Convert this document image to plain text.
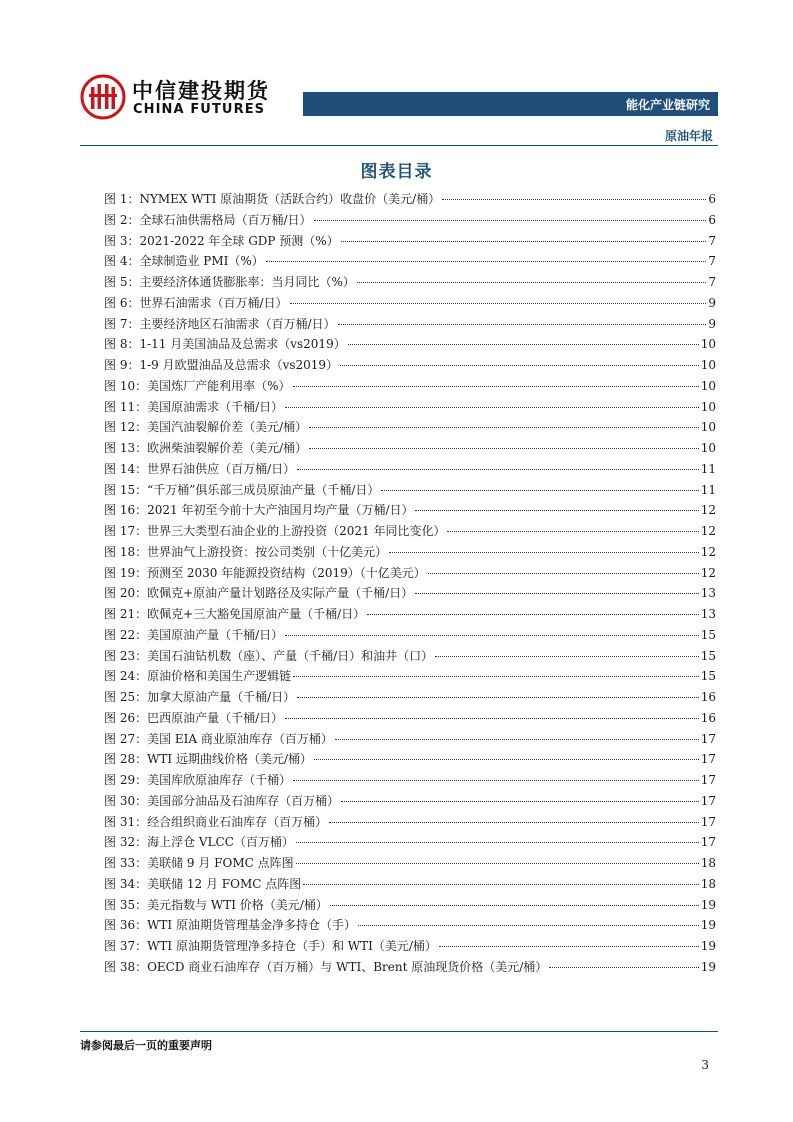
中信建投期货
CHINA FUTURES	能化产业链研究
原油年报
图表目录
图 1：NYMEX WTI 原油期货（活跃合约）收盘价（美元/桶）	6
图 2：全球石油供需格局（百万桶/日）	6
图 3：2021-2022 年全球 GDP 预测（%）	7
图 4：全球制造业 PMI（%）	7
图 5：主要经济体通货膨胀率：当月同比（%）	7
图 6：世界石油需求（百万桶/日）	9
图 7：主要经济地区石油需求（百万桶/日）	9
图 8：1-11 月美国油品及总需求（vs2019）	10
图 9：1-9 月欧盟油品及总需求（vs2019）	10
图 10：美国炼厂产能利用率（%）	10
图 11：美国原油需求（千桶/日）	10
图 12：美国汽油裂解价差（美元/桶）	10
图 13：欧洲柴油裂解价差（美元/桶）	10
图 14：世界石油供应（百万桶/日）	11
图 15：“千万桶”俱乐部三成员原油产量（千桶/日）	11
图 16：2021 年初至今前十大产油国月均产量（万桶/日）	12
图 17：世界三大类型石油企业的上游投资（2021 年同比变化）	12
图 18：世界油气上游投资：按公司类别（十亿美元）	12
图 19：预测至 2030 年能源投资结构（2019）（十亿美元）	12
图 20：欧佩克+原油产量计划路径及实际产量（千桶/日）	13
图 21：欧佩克+三大豁免国原油产量（千桶/日）	13
图 22：美国原油产量（千桶/日）	15
图 23：美国石油钻机数（座）、产量（千桶/日）和油井（口）	15
图 24：原油价格和美国生产逻辑链	15
图 25：加拿大原油产量（千桶/日）	16
图 26：巴西原油产量（千桶/日）	16
图 27：美国 EIA 商业原油库存（百万桶）	17
图 28：WTI 远期曲线价格（美元/桶）	17
图 29：美国库欣原油库存（千桶）	17
图 30：美国部分油品及石油库存（百万桶）	17
图 31：经合组织商业石油库存（百万桶）	17
图 32：海上浮仓 VLCC（百万桶）	17
图 33：美联储 9 月 FOMC 点阵图	18
图 34：美联储 12 月 FOMC 点阵图	18
图 35：美元指数与 WTI 价格（美元/桶）	19
图 36：WTI 原油期货管理基金净多持仓（手）	19
图 37：WTI 原油期货管理净多持仓（手）和 WTI（美元/桶）	19
图 38：OECD 商业石油库存（百万桶）与 WTI、Brent 原油现货价格（美元/桶）	19
请参阅最后一页的重要声明
3
